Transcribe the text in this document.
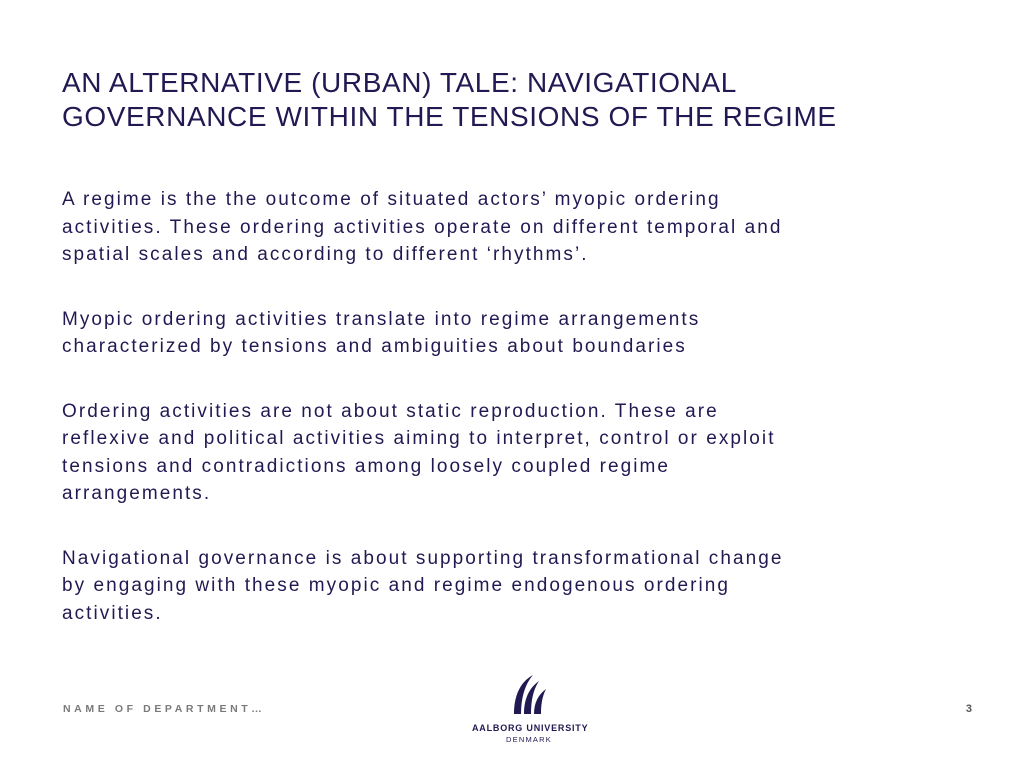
AN ALTERNATIVE (URBAN) TALE: NAVIGATIONAL
GOVERNANCE WITHIN THE TENSIONS OF THE REGIME

A regime is the the outcome of situated actors’ myopic ordering
activities. These ordering activities operate on different temporal and
spatial scales and according to different ‘rhythms’.

Myopic ordering activities translate into regime arrangements
characterized by tensions and ambiguities about boundaries

Ordering activities are not about static reproduction. These are
reflexive and political activities aiming to interpret, control or exploit
tensions and contradictions among loosely coupled regime
arrangements.

Navigational governance is about supporting transformational change
by engaging with these myopic and regime endogenous ordering
activities.

NAME OF DEPARTMENT…
AALBORG UNIVERSITY
DENMARK
3
